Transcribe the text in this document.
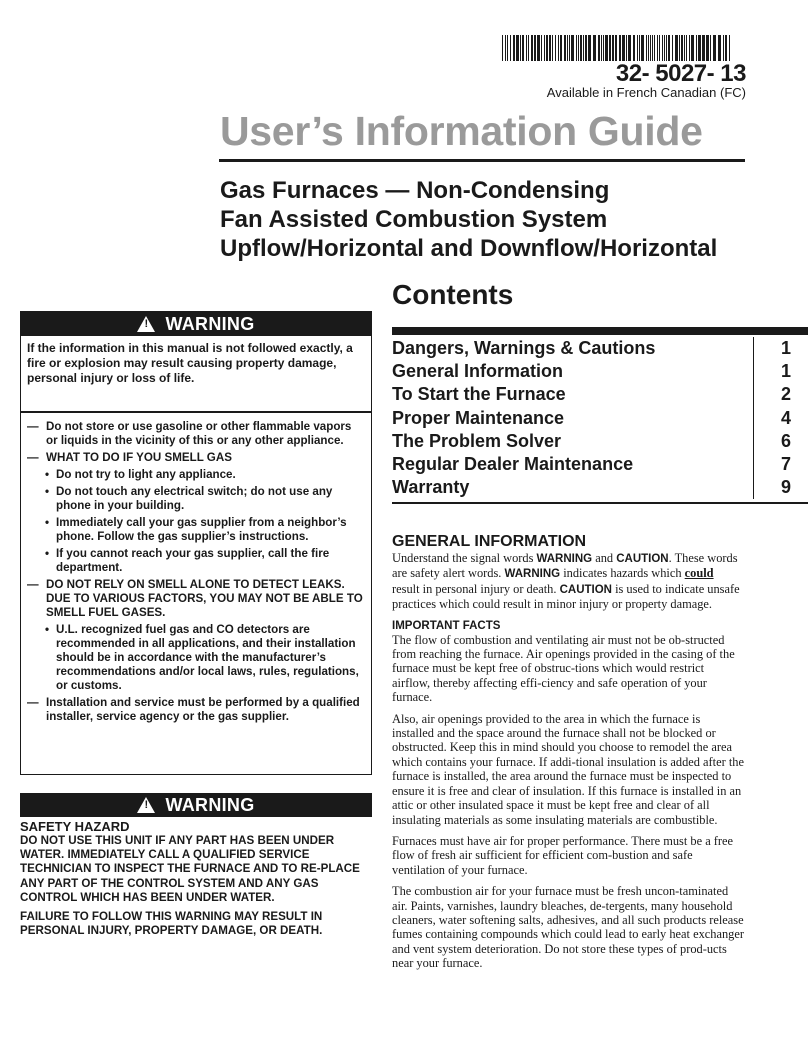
32- 5027- 13
Available in French Canadian (FC)
User’s Information Guide
Gas Furnaces — Non-Condensing
Fan Assisted Combustion System
Upflow/Horizontal and Downflow/Horizontal
Contents
! WARNING
If the information in this manual is not followed exactly, a fire or explosion may result causing property damage, personal injury or loss of life.
— Do not store or use gasoline or other flammable vapors or liquids in the vicinity of this or any other appliance.
— WHAT TO DO IF YOU SMELL GAS
• Do not try to light any appliance.
• Do not touch any electrical switch; do not use any phone in your building.
• Immediately call your gas supplier from a neighbor’s phone. Follow the gas supplier’s instructions.
• If you cannot reach your gas supplier, call the fire department.
— DO NOT RELY ON SMELL ALONE TO DETECT LEAKS. DUE TO VARIOUS FACTORS, YOU MAY NOT BE ABLE TO SMELL FUEL GASES.
• U.L. recognized fuel gas and CO detectors are recommended in all applications, and their installation should be in accordance with the manufacturer’s recommendations and/or local laws, rules, regulations, or customs.
— Installation and service must be performed by a qualified installer, service agency or the gas supplier.
! WARNING
SAFETY HAZARD
DO NOT USE THIS UNIT IF ANY PART HAS BEEN UNDER WATER. IMMEDIATELY CALL A QUALIFIED SERVICE TECHNICIAN TO INSPECT THE FURNACE AND TO RE-PLACE ANY PART OF THE CONTROL SYSTEM AND ANY GAS CONTROL WHICH HAS BEEN UNDER WATER.
FAILURE TO FOLLOW THIS WARNING MAY RESULT IN PERSONAL INJURY, PROPERTY DAMAGE, OR DEATH.
Dangers, Warnings & Cautions	1
General Information	1
To Start the Furnace	2
Proper Maintenance	4
The Problem Solver	6
Regular Dealer Maintenance	7
Warranty	9
GENERAL INFORMATION

Understand the signal words WARNING and CAUTION. These words are safety alert words. WARNING indicates hazards which could result in personal injury or death. CAUTION is used to indicate unsafe practices which could result in minor injury or property damage.

IMPORTANT FACTS

The flow of combustion and ventilating air must not be ob-structed from reaching the furnace. Air openings provided in the casing of the furnace must be kept free of obstruc-tions which would restrict airflow, thereby affecting effi-ciency and safe operation of your furnace.

Also, air openings provided to the area in which the furnace is installed and the space around the furnace shall not be blocked or obstructed. Keep this in mind should you choose to remodel the area which contains your furnace. If addi-tional insulation is added after the furnace is installed, the area around the furnace must be inspected to ensure it is free and clear of insulation. If this furnace is installed in an attic or other insulated space it must be kept free and clear of all insulating materials as some insulating materials are combustible.

Furnaces must have air for proper performance. There must be a free flow of fresh air sufficient for efficient com-bustion and safe ventilation of your furnace.

The combustion air for your furnace must be fresh uncon-taminated air. Paints, varnishes, laundry bleaches, de-tergents, many household cleaners, water softening salts, adhesives, and all such products release fumes containing compounds which could lead to early heat exchanger and vent system deterioration. Do not store these types of prod-ucts near your furnace.
